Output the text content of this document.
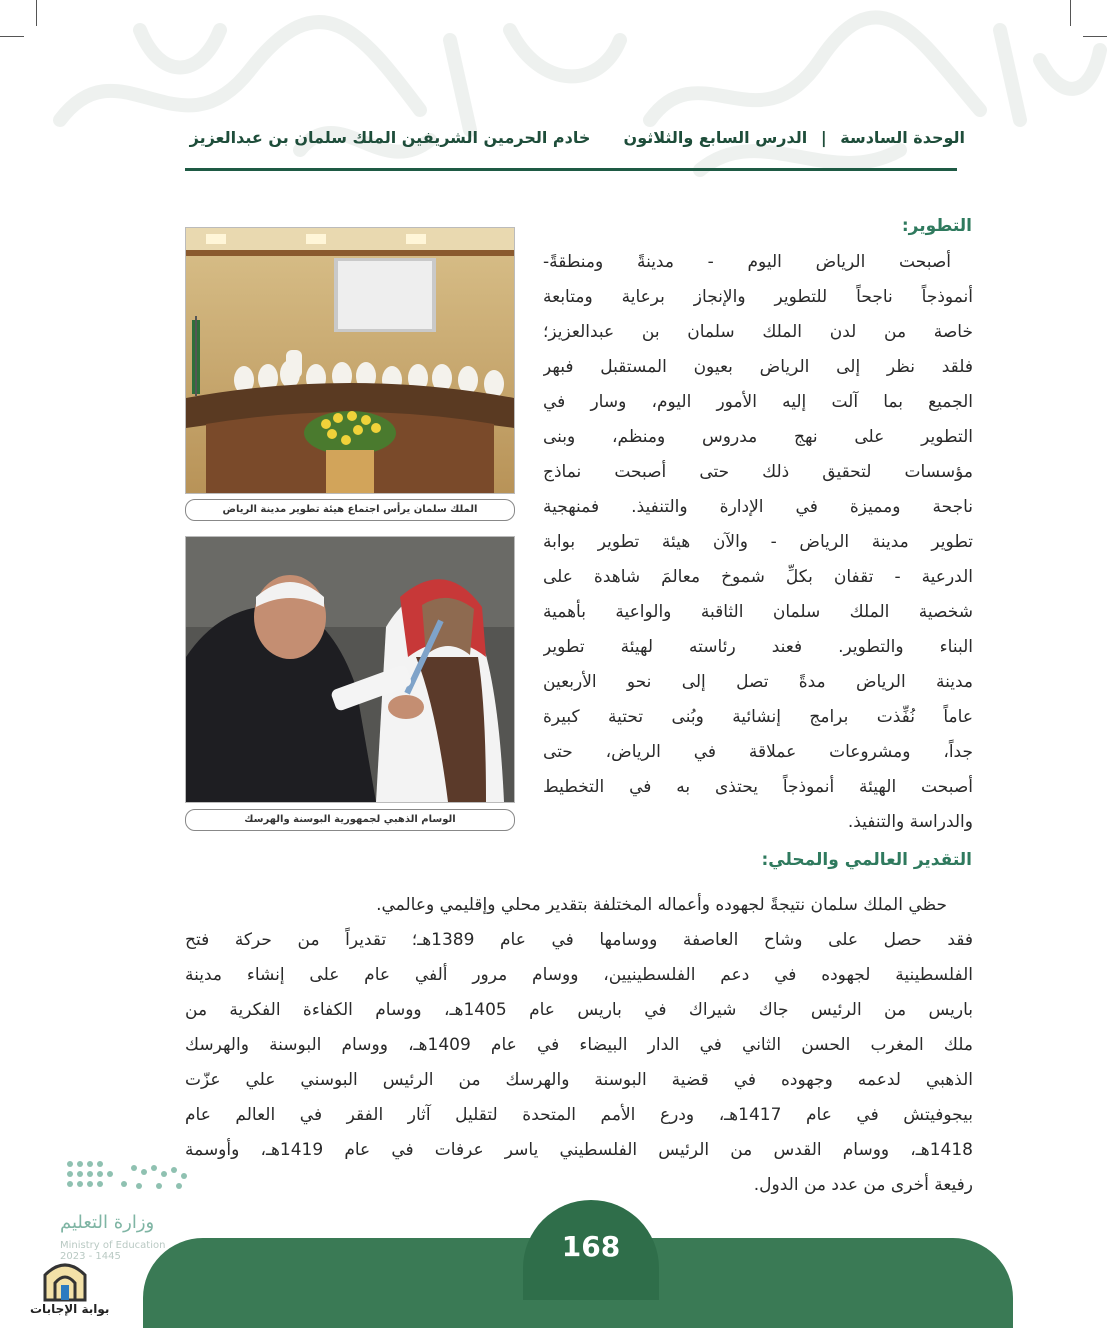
الوحدة السادسة | الدرس السابع والثلاثون  خادم الحرمين الشريفين الملك سلمان بن عبدالعزيز
الملك سلمان يرأس اجتماع هيئة تطوير مدينة الرياض
الوسام الذهبي لجمهورية البوسنة والهرسك
التطوير:
أصبحت الرياض اليوم - مدينةً ومنطقةً-
أنموذجاً ناجحاً للتطوير والإنجاز برعاية ومتابعة
خاصة من لدن الملك سلمان بن عبدالعزيز؛
فلقد نظر إلى الرياض بعيون المستقبل فبهر
الجميع بما آلت إليه الأمور اليوم، وسار في
التطوير على نهج مدروس ومنظم، وبنى
مؤسسات لتحقيق ذلك حتى أصبحت نماذج
ناجحة ومميزة في الإدارة والتنفيذ. فمنهجية
تطوير مدينة الرياض - والآن هيئة تطوير بوابة
الدرعية - تقفان بكلِّ شموخ معالمَ شاهدة على
شخصية الملك سلمان الثاقبة والواعية بأهمية
البناء والتطوير. فعند رئاسته لهيئة تطوير
مدينة الرياض مدةً تصل إلى نحو الأربعين
عاماً نُفِّذت برامج إنشائية وبُنى تحتية كبيرة
جداً، ومشروعات عملاقة في الرياض، حتى
أصبحت الهيئة أنموذجاً يحتذى به في التخطيط
والدراسة والتنفيذ.
التقدير العالمي والمحلي:
حظي الملك سلمان نتيجةً لجهوده وأعماله المختلفة بتقدير محلي وإقليمي وعالمي.
فقد حصل على وشاح العاصفة ووسامها في عام 1389هـ؛ تقديراً من حركة فتح
الفلسطينية لجهوده في دعم الفلسطينيين، ووسام مرور ألفي عام على إنشاء مدينة
باريس من الرئيس جاك شيراك في باريس عام 1405هـ، ووسام الكفاءة الفكرية من
ملك المغرب الحسن الثاني في الدار البيضاء في عام 1409هـ، ووسام البوسنة والهرسك
الذهبي لدعمه وجهوده في قضية البوسنة والهرسك من الرئيس البوسني علي عزّت
بيجوفيتش في عام 1417هـ، ودرع الأمم المتحدة لتقليل آثار الفقر في العالم عام
1418هـ، ووسام القدس من الرئيس الفلسطيني ياسر عرفات في عام 1419هـ، وأوسمة
رفيعة أخرى من عدد من الدول.
168
وزارة التعليم
Ministry of Education
2023 - 1445
بوابة الإجابات
